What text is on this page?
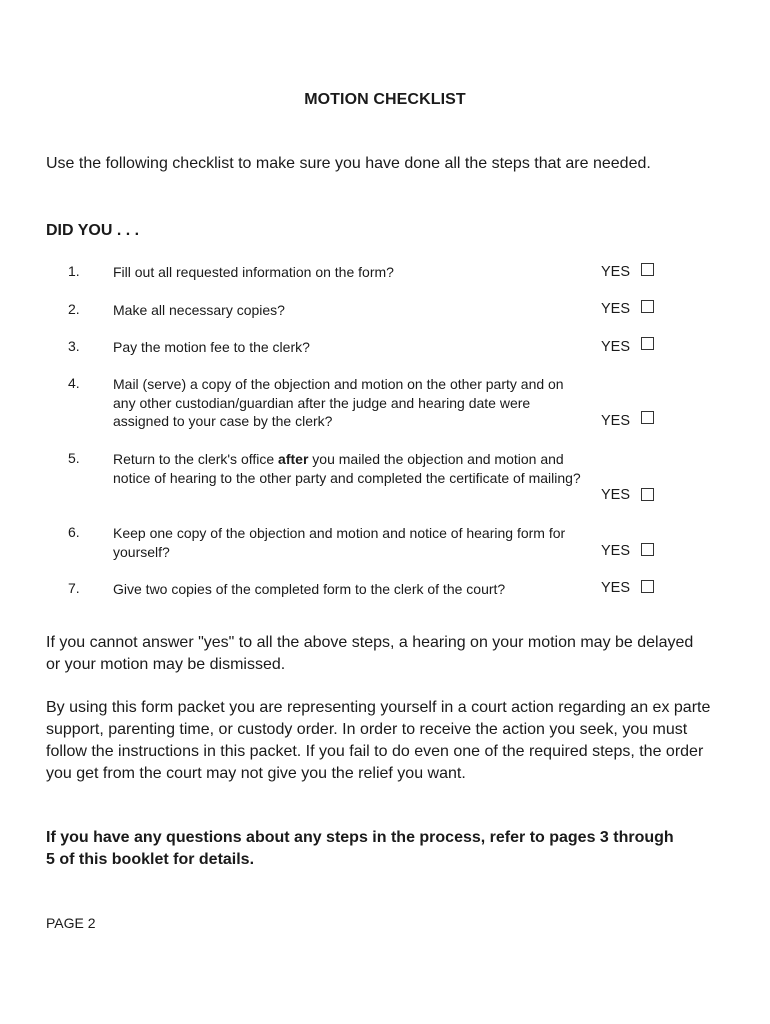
MOTION CHECKLIST
Use the following checklist to make sure you have done all the steps that are needed.
DID YOU . . .
1. Fill out all requested information on the form?	YES
2. Make all necessary copies?	YES
3. Pay the motion fee to the clerk?	YES
4. Mail (serve) a copy of the objection and motion on the other party and on any other custodian/guardian after the judge and hearing date were assigned to your case by the clerk?	YES
5. Return to the clerk's office after you mailed the objection and motion and notice of hearing to the other party and completed the certificate of mailing?
YES
6. Keep one copy of the objection and motion and notice of hearing form for yourself?	YES
7. Give two copies of the completed form to the clerk of the court?	YES
If you cannot answer "yes" to all the above steps, a hearing on your motion may be delayed or your motion may be dismissed.
By using this form packet you are representing yourself in a court action regarding an ex parte support, parenting time, or custody order. In order to receive the action you seek, you must follow the instructions in this packet. If you fail to do even one of the required steps, the order you get from the court may not give you the relief you want.
If you have any questions about any steps in the process, refer to pages 3 through 5 of this booklet for details.
PAGE 2
